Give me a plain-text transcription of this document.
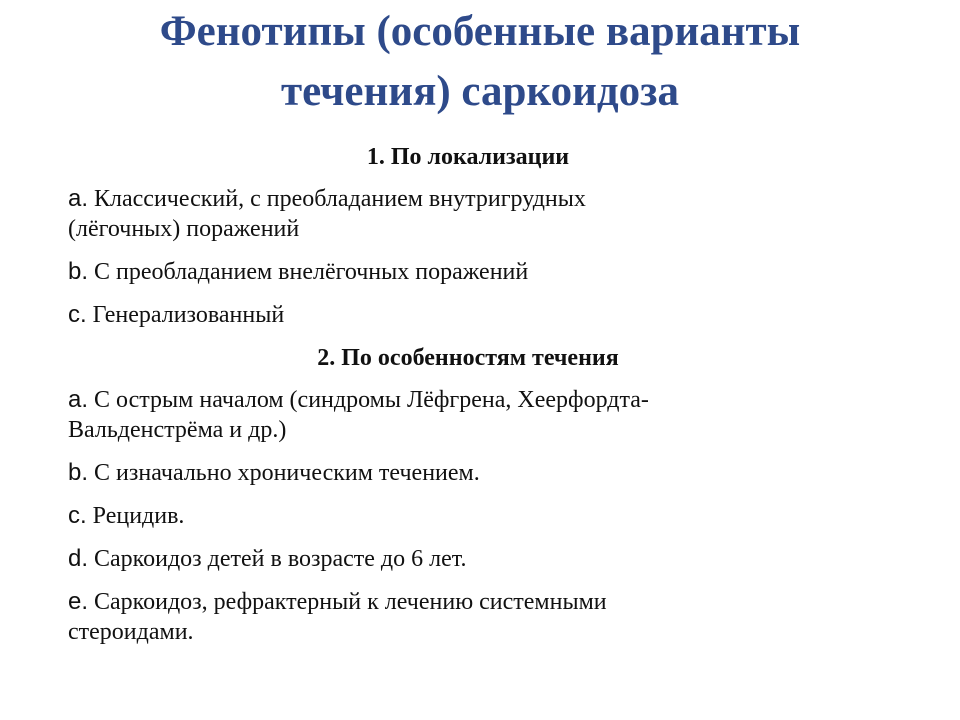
Фенотипы (особенные варианты
течения) саркоидоза
1. По локализации
a. Классический, с преобладанием внутригрудных
(лёгочных) поражений
b. С преобладанием внелёгочных поражений
c. Генерализованный
2. По особенностям течения
a. С острым началом (синдромы Лёфгрена, Хеерфордта-
Вальденстрёма и др.)
b. С изначально хроническим течением.
c. Рецидив.
d. Саркоидоз детей в возрасте до 6 лет.
e. Саркоидоз, рефрактерный к лечению системными
стероидами.
